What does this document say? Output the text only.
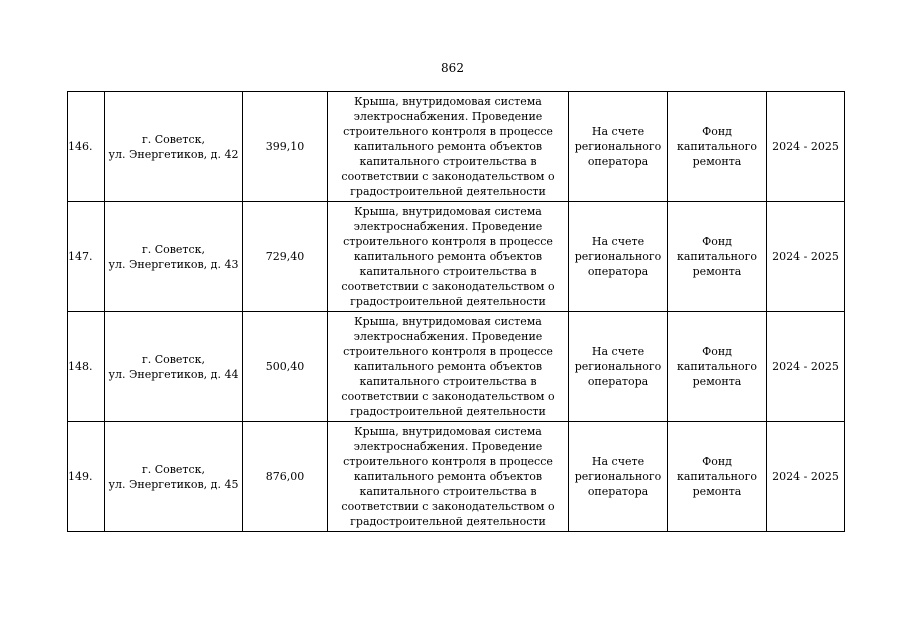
862
146.	г. Советск,
ул. Энергетиков, д. 42	399,10	Крыша, внутридомовая система электроснабжения. Проведение строительного контроля в процессе капитального ремонта объектов капитального строительства в соответствии с законодательством о градостроительной деятельности	На счете регионального оператора	Фонд капитального ремонта	2024 - 2025
147.	г. Советск,
ул. Энергетиков, д. 43	729,40	Крыша, внутридомовая система электроснабжения. Проведение строительного контроля в процессе капитального ремонта объектов капитального строительства в соответствии с законодательством о градостроительной деятельности	На счете регионального оператора	Фонд капитального ремонта	2024 - 2025
148.	г. Советск,
ул. Энергетиков, д. 44	500,40	Крыша, внутридомовая система электроснабжения. Проведение строительного контроля в процессе капитального ремонта объектов капитального строительства в соответствии с законодательством о градостроительной деятельности	На счете регионального оператора	Фонд капитального ремонта	2024 - 2025
149.	г. Советск,
ул. Энергетиков, д. 45	876,00	Крыша, внутридомовая система электроснабжения. Проведение строительного контроля в процессе капитального ремонта объектов капитального строительства в соответствии с законодательством о градостроительной деятельности	На счете регионального оператора	Фонд капитального ремонта	2024 - 2025
